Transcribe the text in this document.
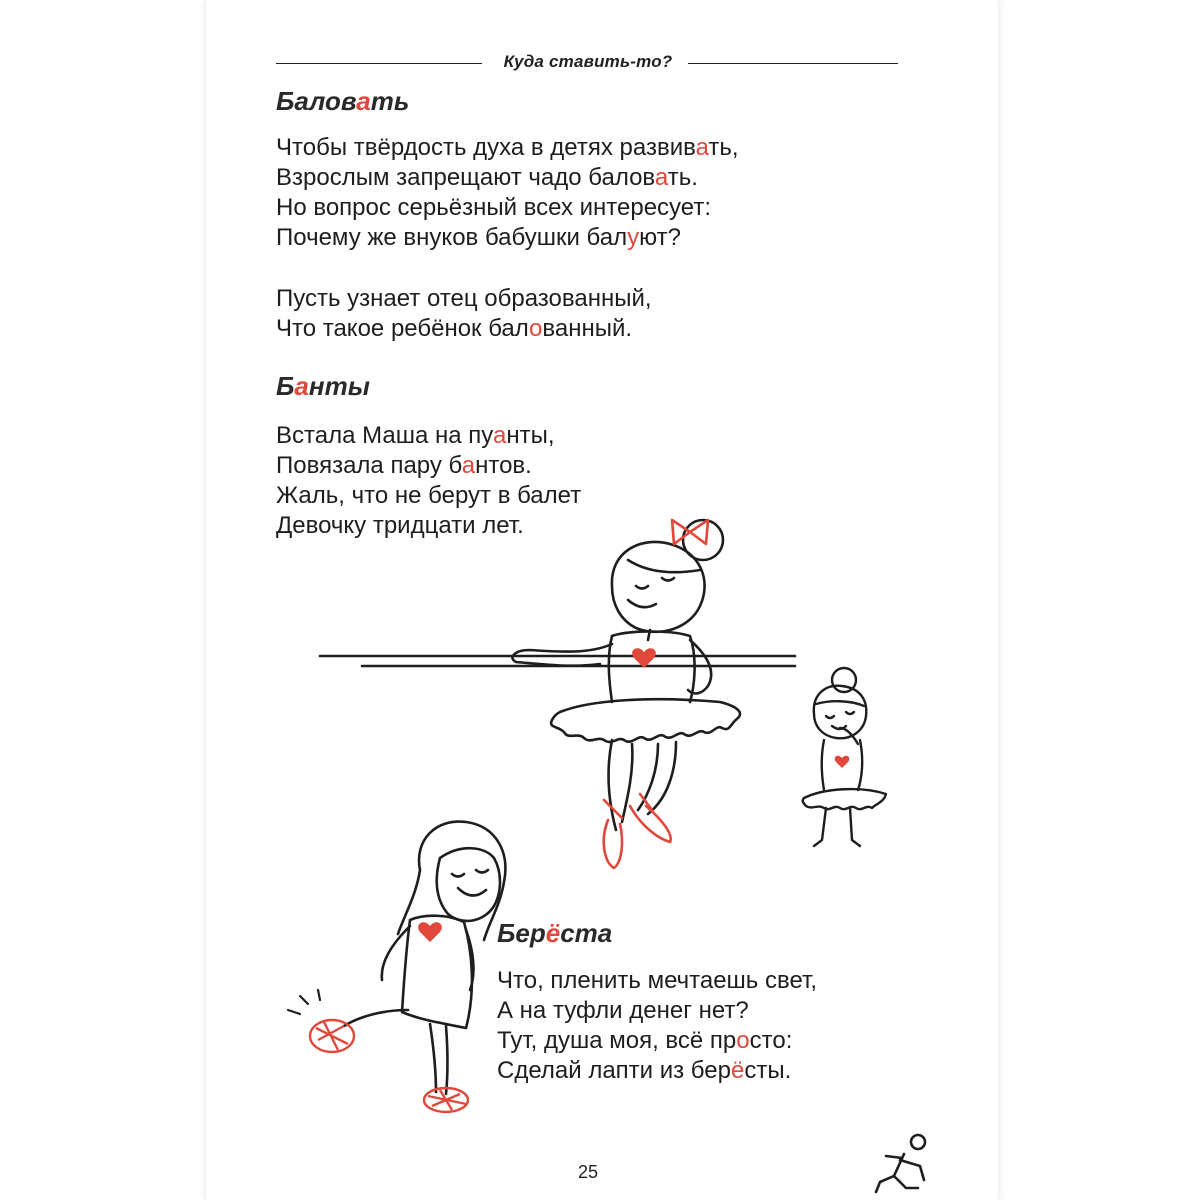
Куда ставить-то?
Баловать
Чтобы твёрдость духа в детях развивать,
Взрослым запрещают чадо баловать.
Но вопрос серьёзный всех интересует:
Почему же внуков бабушки балуют?
Пусть узнает отец образованный,
Что такое ребёнок балованный.
Банты
Встала Маша на пуанты,
Повязала пару бантов.
Жаль, что не берут в балет
Девочку тридцати лет.
Берёста
Что, пленить мечтаешь свет,
А на туфли денег нет?
Тут, душа моя, всё просто:
Сделай лапти из берёсты.
25
